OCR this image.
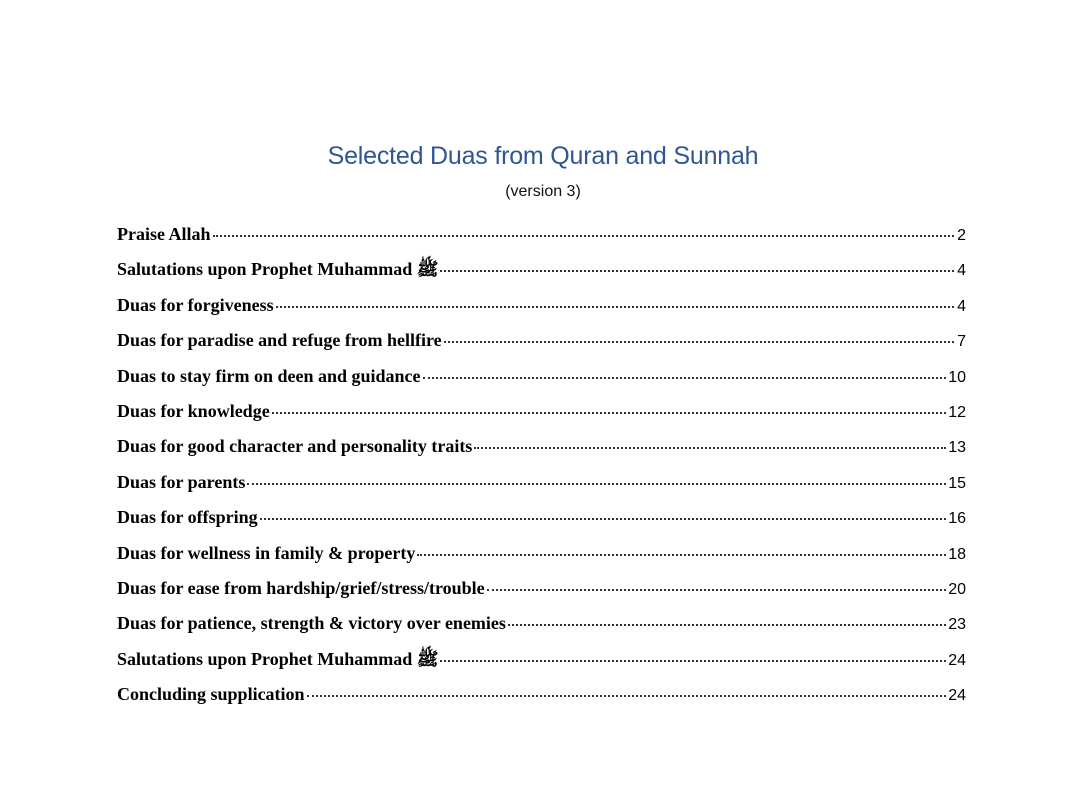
Selected Duas from Quran and Sunnah
(version 3)
Praise Allah	2
Salutations upon Prophet Muhammad ﷺ	4
Duas for forgiveness	4
Duas for paradise and refuge from hellfire	7
Duas to stay firm on deen and guidance	10
Duas for knowledge	12
Duas for good character and personality traits	13
Duas for parents	15
Duas for offspring	16
Duas for wellness in family & property	18
Duas for ease from hardship/grief/stress/trouble	20
Duas for patience, strength & victory over enemies	23
Salutations upon Prophet Muhammad ﷺ	24
Concluding supplication	24
